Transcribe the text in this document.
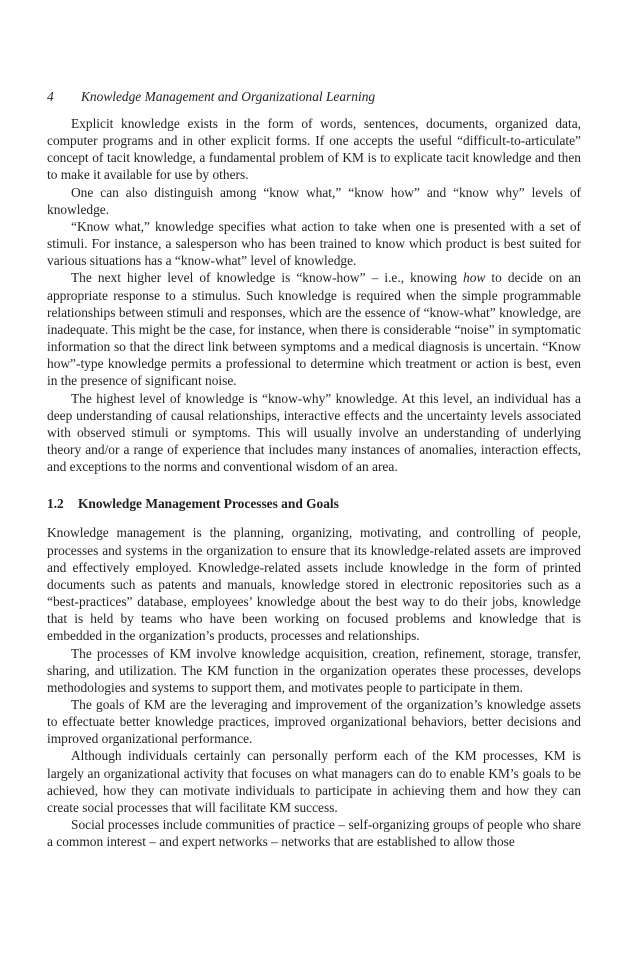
4	Knowledge Management and Organizational Learning

Explicit knowledge exists in the form of words, sentences, documents, organized data, computer programs and in other explicit forms. If one accepts the useful “difficult-to-articulate” concept of tacit knowledge, a fundamental problem of KM is to explicate tacit knowledge and then to make it available for use by others.

One can also distinguish among “know what,” “know how” and “know why” levels of knowledge.

“Know what,” knowledge specifies what action to take when one is presented with a set of stimuli. For instance, a salesperson who has been trained to know which product is best suited for various situations has a “know-what” level of knowledge.

The next higher level of knowledge is “know-how” – i.e., knowing how to decide on an appropriate response to a stimulus. Such knowledge is required when the simple programmable relationships between stimuli and responses, which are the essence of “know-what” knowledge, are inadequate. This might be the case, for instance, when there is considerable “noise” in symptomatic information so that the direct link between symptoms and a medical diagnosis is uncertain. “Know how”-type knowledge permits a professional to determine which treatment or action is best, even in the presence of significant noise.

The highest level of knowledge is “know-why” knowledge. At this level, an individual has a deep understanding of causal relationships, interactive effects and the uncertainty levels associated with observed stimuli or symptoms. This will usually involve an understanding of underlying theory and/or a range of experience that includes many instances of anomalies, interaction effects, and exceptions to the norms and conventional wisdom of an area.

1.2	Knowledge Management Processes and Goals

Knowledge management is the planning, organizing, motivating, and controlling of people, processes and systems in the organization to ensure that its knowledge-related assets are improved and effectively employed. Knowledge-related assets include knowledge in the form of printed documents such as patents and manuals, knowledge stored in electronic repositories such as a “best-practices” database, employees’ knowledge about the best way to do their jobs, knowledge that is held by teams who have been working on focused problems and knowledge that is embedded in the organization’s products, processes and relationships.

The processes of KM involve knowledge acquisition, creation, refinement, storage, transfer, sharing, and utilization. The KM function in the organization operates these processes, develops methodologies and systems to support them, and motivates people to participate in them.

The goals of KM are the leveraging and improvement of the organization’s knowledge assets to effectuate better knowledge practices, improved organizational behaviors, better decisions and improved organizational performance.

Although individuals certainly can personally perform each of the KM processes, KM is largely an organizational activity that focuses on what managers can do to enable KM’s goals to be achieved, how they can motivate individuals to participate in achieving them and how they can create social processes that will facilitate KM success.

Social processes include communities of practice – self-organizing groups of people who share a common interest – and expert networks – networks that are established to allow those
